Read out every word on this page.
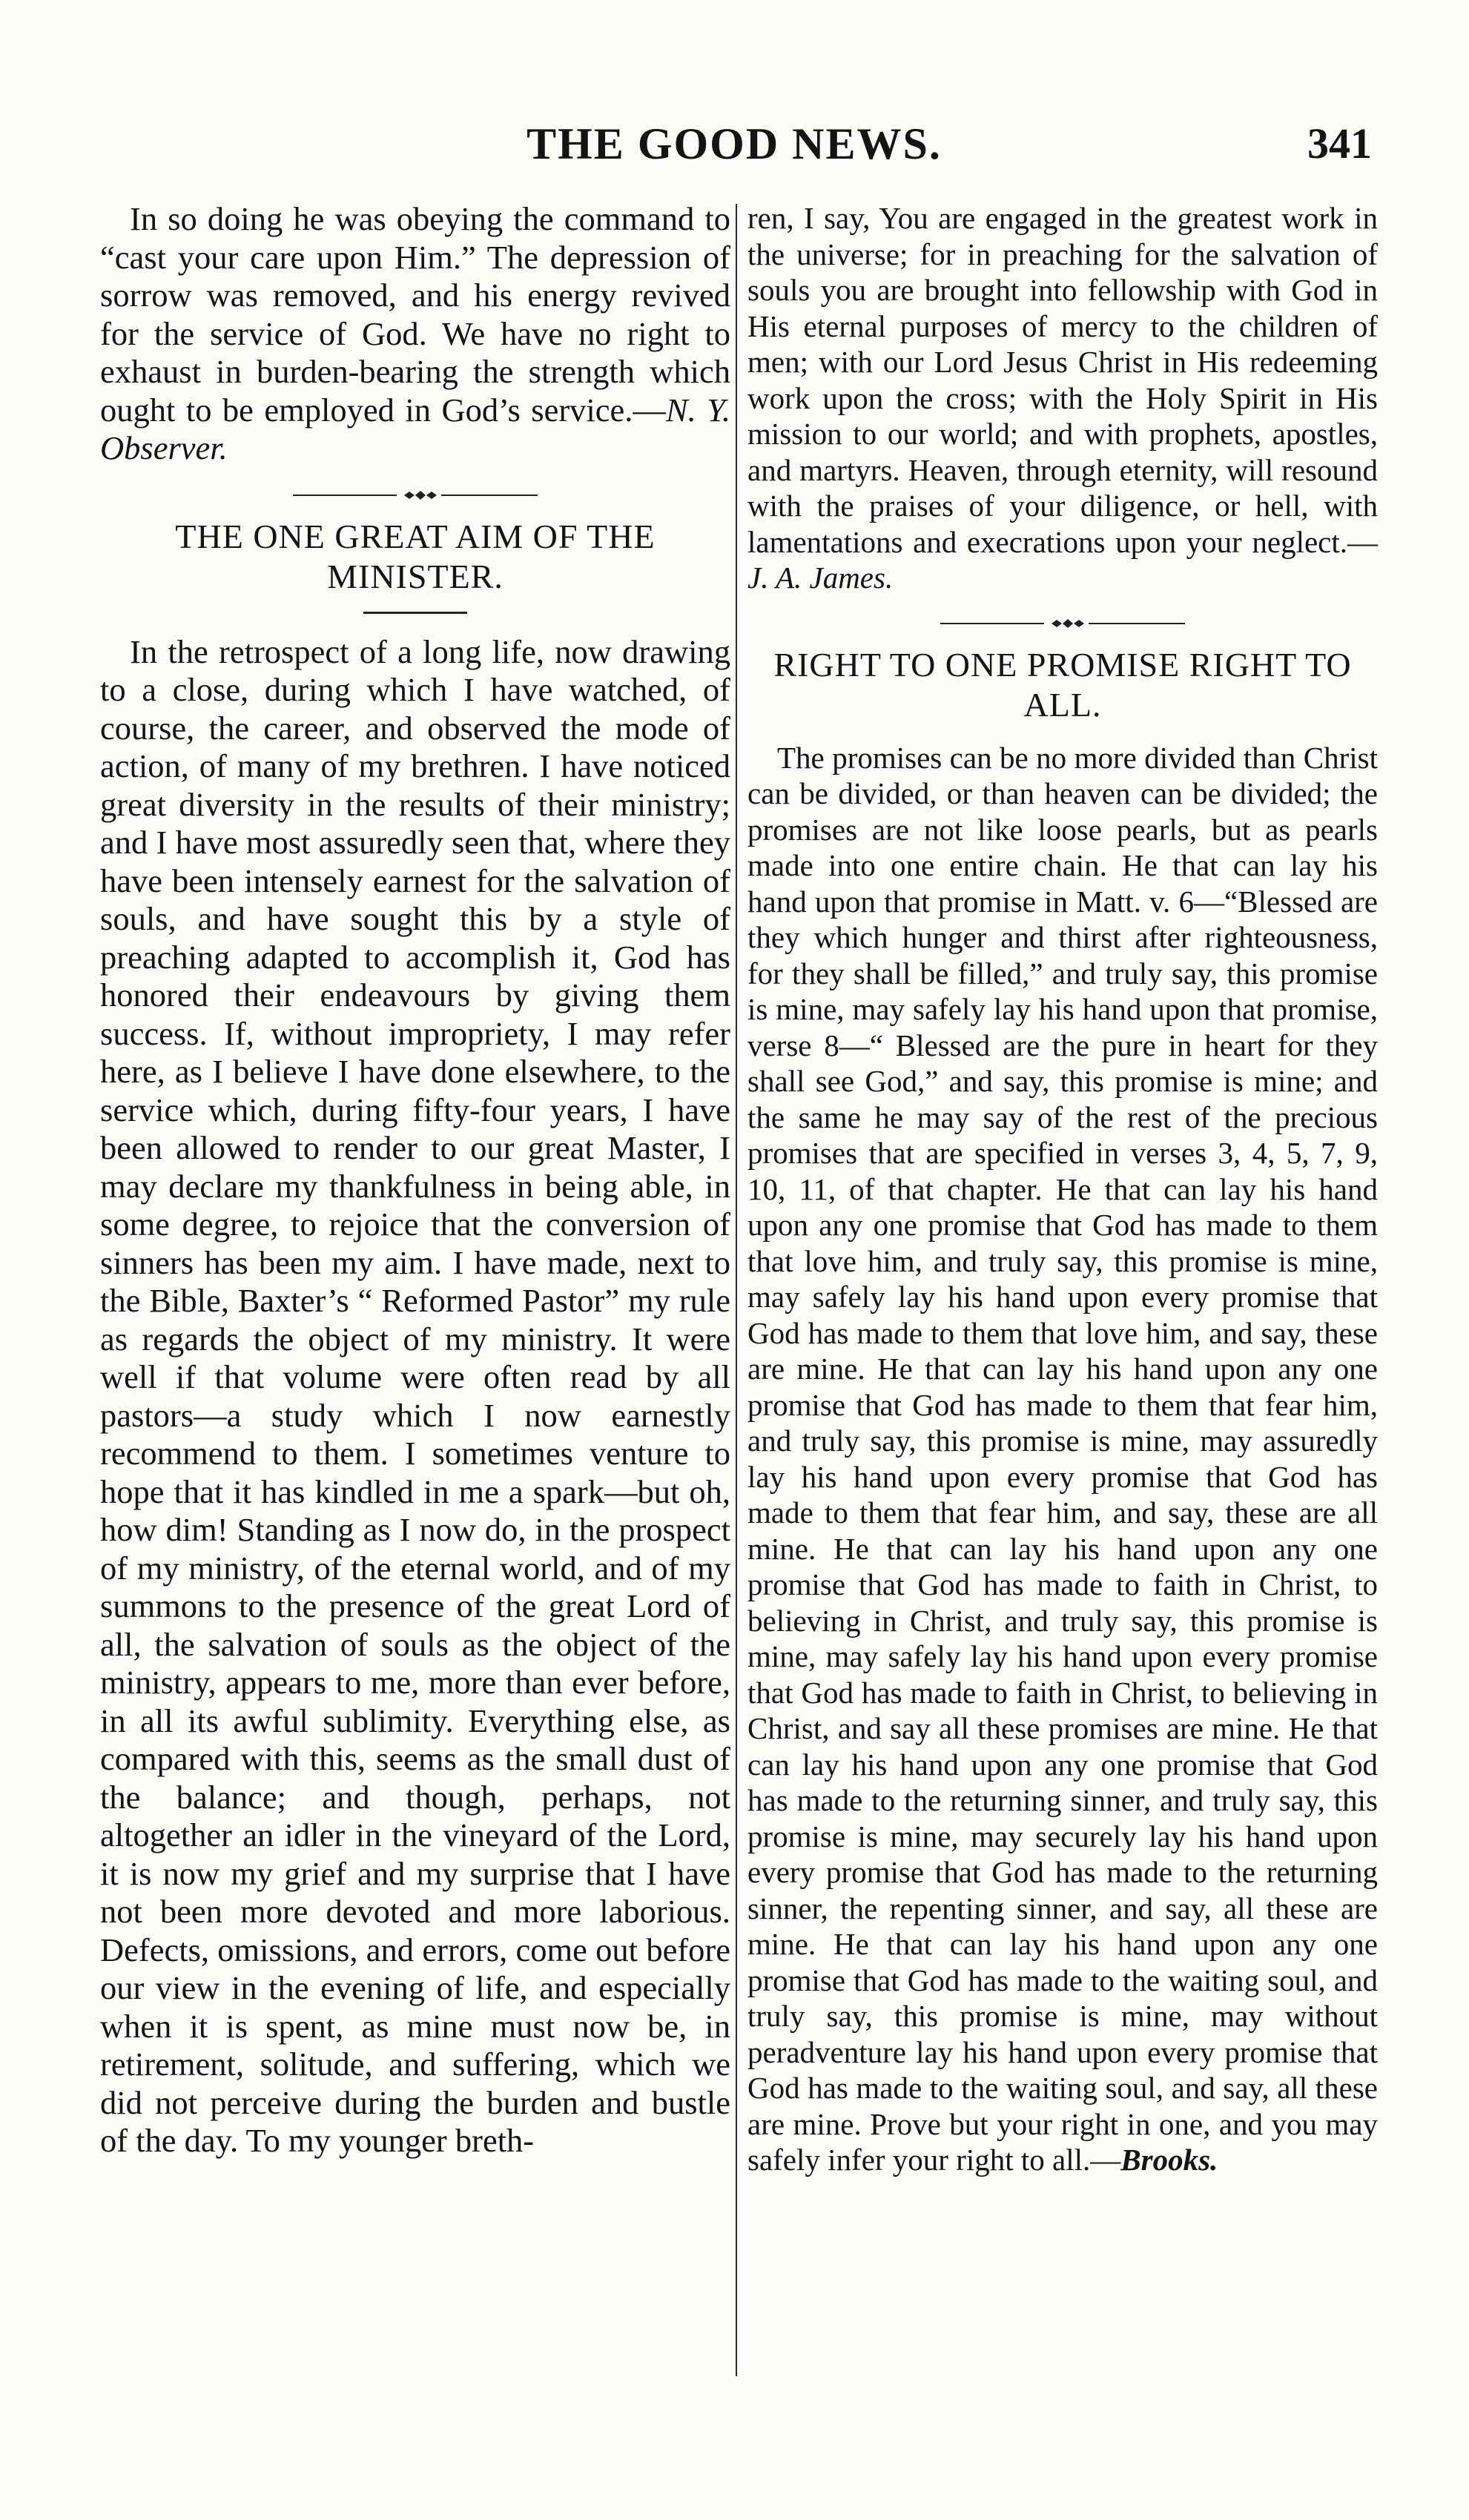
THE GOOD NEWS.	341

In so doing he was obeying the command to “cast your care upon Him.” The depression of sorrow was removed, and his energy revived for the service of God. We have no right to exhaust in burden-bearing the strength which ought to be employed in God’s service.—N. Y. Observer.

THE ONE GREAT AIM OF THE MINISTER.

In the retrospect of a long life, now drawing to a close, during which I have watched, of course, the career, and observed the mode of action, of many of my brethren. I have noticed great diversity in the results of their ministry; and I have most assuredly seen that, where they have been intensely earnest for the salvation of souls, and have sought this by a style of preaching adapted to accomplish it, God has honored their endeavours by giving them success. If, without impropriety, I may refer here, as I believe I have done elsewhere, to the service which, during fifty-four years, I have been allowed to render to our great Master, I may declare my thankfulness in being able, in some degree, to rejoice that the conversion of sinners has been my aim. I have made, next to the Bible, Baxter’s “ Reformed Pastor” my rule as regards the object of my ministry. It were well if that volume were often read by all pastors—a study which I now earnestly recommend to them. I sometimes venture to hope that it has kindled in me a spark—but oh, how dim! Standing as I now do, in the prospect of my ministry, of the eternal world, and of my summons to the presence of the great Lord of all, the salvation of souls as the object of the ministry, appears to me, more than ever before, in all its awful sublimity. Everything else, as compared with this, seems as the small dust of the balance; and though, perhaps, not altogether an idler in the vineyard of the Lord, it is now my grief and my surprise that I have not been more devoted and more laborious. Defects, omissions, and errors, come out before our view in the evening of life, and especially when it is spent, as mine must now be, in retirement, solitude, and suffering, which we did not perceive during the burden and bustle of the day. To my younger breth-

ren, I say, You are engaged in the greatest work in the universe; for in preaching for the salvation of souls you are brought into fellowship with God in His eternal purposes of mercy to the children of men; with our Lord Jesus Christ in His redeeming work upon the cross; with the Holy Spirit in His mission to our world; and with prophets, apostles, and martyrs. Heaven, through eternity, will resound with the praises of your diligence, or hell, with lamentations and execrations upon your neglect.—J. A. James.

RIGHT TO ONE PROMISE RIGHT TO ALL.

The promises can be no more divided than Christ can be divided, or than heaven can be divided; the promises are not like loose pearls, but as pearls made into one entire chain. He that can lay his hand upon that promise in Matt. v. 6—“Blessed are they which hunger and thirst after righteousness, for they shall be filled,” and truly say, this promise is mine, may safely lay his hand upon that promise, verse 8—“ Blessed are the pure in heart for they shall see God,” and say, this promise is mine; and the same he may say of the rest of the precious promises that are specified in verses 3, 4, 5, 7, 9, 10, 11, of that chapter. He that can lay his hand upon any one promise that God has made to them that love him, and truly say, this promise is mine, may safely lay his hand upon every promise that God has made to them that love him, and say, these are mine. He that can lay his hand upon any one promise that God has made to them that fear him, and truly say, this promise is mine, may assuredly lay his hand upon every promise that God has made to them that fear him, and say, these are all mine. He that can lay his hand upon any one promise that God has made to faith in Christ, to believing in Christ, and truly say, this promise is mine, may safely lay his hand upon every promise that God has made to faith in Christ, to believing in Christ, and say all these promises are mine. He that can lay his hand upon any one promise that God has made to the returning sinner, and truly say, this promise is mine, may securely lay his hand upon every promise that God has made to the returning sinner, the repenting sinner, and say, all these are mine. He that can lay his hand upon any one promise that God has made to the waiting soul, and truly say, this promise is mine, may without peradventure lay his hand upon every promise that God has made to the waiting soul, and say, all these are mine. Prove but your right in one, and you may safely infer your right to all.—Brooks.
